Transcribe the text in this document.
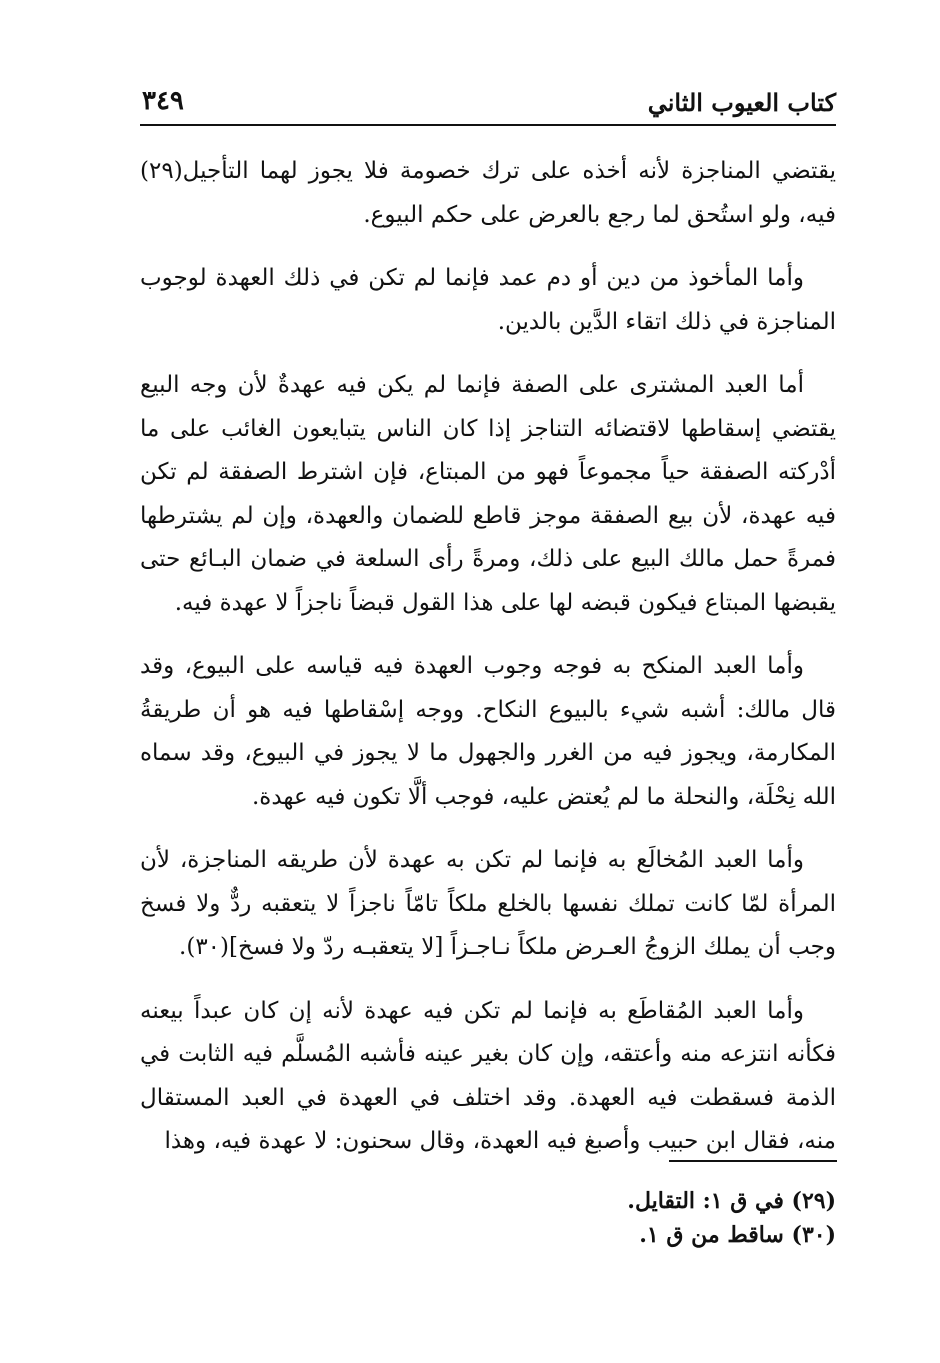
كتاب العيوب الثاني
٣٤٩

يقتضي المناجزة لأنه أخذه على ترك خصومة فلا يجوز لهما التأجيل(٢٩) فيه، ولو استُحق لما رجع بالعرض على حكم البيوع.

وأما المأخوذ من دين أو دم عمد فإنما لم تكن في ذلك العهدة لوجوب المناجزة في ذلك اتقاء الدَّين بالدين.

أما العبد المشترى على الصفة فإنما لم يكن فيه عهدةٌ لأن وجه البيع يقتضي إسقاطها لاقتضائه التناجز إذا كان الناس يتبايعون الغائب على ما أدْركته الصفقة حياً مجموعاً فهو من المبتاع، فإن اشترط الصفقة لم تكن فيه عهدة، لأن بيع الصفقة موجز قاطع للضمان والعهدة، وإن لم يشترطها فمرةً حمل مالك البيع على ذلك، ومرةً رأى السلعة في ضمان البـائع حتى يقبضها المبتاع فيكون قبضه لها على هذا القول قبضاً ناجزاً لا عهدة فيه.

وأما العبد المنكح به فوجه وجوب العهدة فيه قياسه على البيوع، وقد قال مالك: أشبه شيء بالبيوع النكاح. ووجه إسْقاطها فيه هو أن طريقةُ المكارمة، ويجوز فيه من الغرر والجهول ما لا يجوز في البيوع، وقد سماه الله نِحْلَة، والنحلة ما لم يُعتض عليه، فوجب ألَّا تكون فيه عهدة.

وأما العبد المُخالَع به فإنما لم تكن به عهدة لأن طريقه المناجزة، لأن المرأة لمّا كانت تملك نفسها بالخلع ملكاً تامّاً ناجزاً لا يتعقبه ردٌّ ولا فسخ وجب أن يملك الزوجُ العـرض ملكاً نـاجـزاً [لا يتعقبـه ردّ ولا فسخ](٣٠).

وأما العبد المُقاطَع به فإنما لم تكن فيه عهدة لأنه إن كان عبداً بيعنه فكأنه انتزعه منه وأعتقه، وإن كان بغير عينه فأشبه المُسلَّم فيه الثابت في الذمة فسقطت فيه العهدة. وقد اختلف في العهدة في العبد المستقال منه، فقال ابن حبيب وأصبغ فيه العهدة، وقال سحنون: لا عهدة فيه، وهذا

(٢٩) في ق ١: التقايل.
(٣٠) ساقط من ق ١.
